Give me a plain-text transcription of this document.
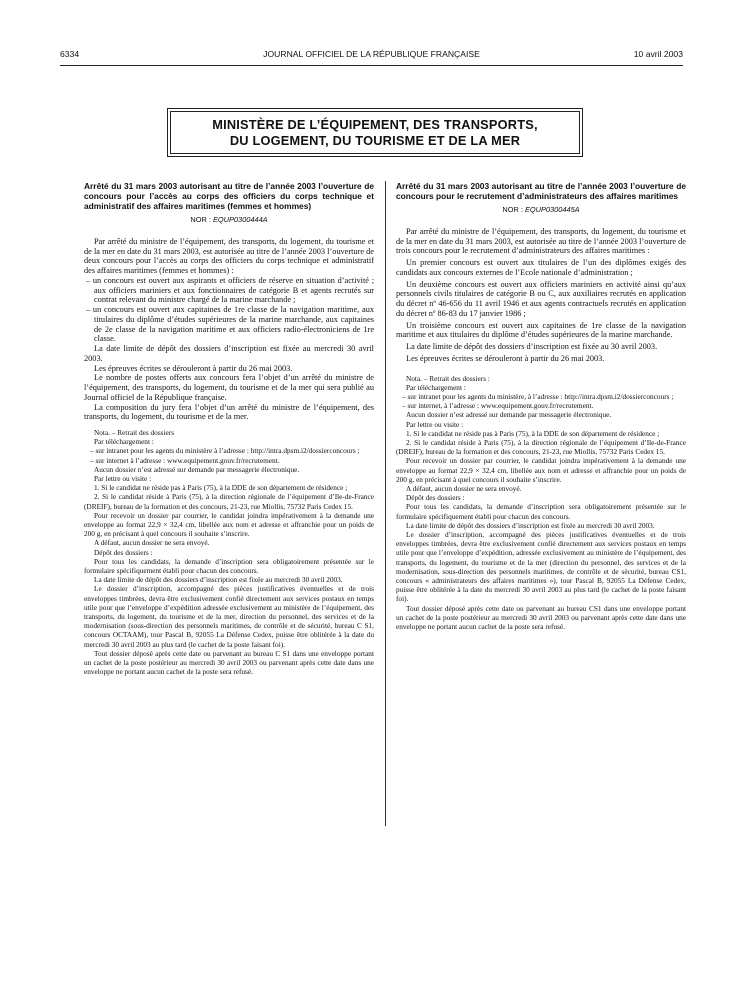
6334	JOURNAL OFFICIEL DE LA RÉPUBLIQUE FRANÇAISE	10 avril 2003
MINISTÈRE DE L’ÉQUIPEMENT, DES TRANSPORTS,
DU LOGEMENT, DU TOURISME ET DE LA MER

Arrêté du 31 mars 2003 autorisant au titre de l’année 2003 l’ouverture de concours pour l’accès au corps des officiers du corps technique et administratif des affaires maritimes (femmes et hommes)

NOR : EQUP0300444A

Par arrêté du ministre de l’équipement, des transports, du logement, du tourisme et de la mer en date du 31 mars 2003, est autorisée au titre de l’année 2003 l’ouverture de deux concours pour l’accès au corps des officiers du corps technique et administratif des affaires maritimes (femmes et hommes) :

– un concours est ouvert aux aspirants et officiers de réserve en situation d’activité ; aux officiers mariniers et aux fonctionnaires de catégorie B et agents recrutés sur contrat relevant du ministre chargé de la marine marchande ;

– un concours est ouvert aux capitaines de 1re classe de la navigation maritime, aux titulaires du diplôme d’études supérieures de la marine marchande, aux capitaines de 2e classe de la navigation maritime et aux officiers radio-électroniciens de 1re classe.

La date limite de dépôt des dossiers d’inscription est fixée au mercredi 30 avril 2003.

Les épreuves écrites se dérouleront à partir du 26 mai 2003.

Le nombre de postes offerts aux concours fera l’objet d’un arrêté du ministre de l’équipement, des transports, du logement, du tourisme et de la mer qui sera publié au Journal officiel de la République française.

La composition du jury fera l’objet d’un arrêté du ministre de l’équipement, des transports, du logement, du tourisme et de la mer.

Nota. – Retrait des dossiers

Par téléchargement :

– sur intranet pour les agents du ministère à l’adresse : http://intra.dpsm.i2/dossierconcours ;

– sur internet à l’adresse : www.equipement.gouv.fr/recrutement.

Aucun dossier n’est adressé sur demande par messagerie électronique.

Par lettre ou visite :

1. Si le candidat ne réside pas à Paris (75), à la DDE de son département de résidence ;

2. Si le candidat réside à Paris (75), à la direction régionale de l’équipement d’Ile-de-France (DREIF), bureau de la formation et des concours, 21-23, rue Miollis, 75732 Paris Cedex 15.

Pour recevoir un dossier par courrier, le candidat joindra impérativement à la demande une enveloppe au format 22,9 × 32,4 cm, libellée aux nom et adresse et affranchie pour un poids de 200 g, en précisant à quel concours il souhaite s’inscrire.

A défaut, aucun dossier ne sera envoyé.

Dépôt des dossiers :

Pour tous les candidats, la demande d’inscription sera obligatoirement présentée sur le formulaire spécifiquement établi pour chacun des concours.

La date limite de dépôt des dossiers d’inscription est fixée au mercredi 30 avril 2003.

Le dossier d’inscription, accompagné des pièces justificatives éventuelles et de trois enveloppes timbrées, devra être exclusivement confié directement aux services postaux en temps utile pour que l’enveloppe d’expédition adressée exclusivement au ministère de l’équipement, des transports, du logement, du tourisme et de la mer, direction du personnel, des services et de la modernisation (sous-direction des personnels maritimes, de contrôle et de sécurité, bureau C S1, concours OCTAAM), tour Pascal B, 92055 La Défense Cedex, puisse être oblitérée à la date du mercredi 30 avril 2003 au plus tard (le cachet de la poste faisant foi).

Tout dossier déposé après cette date ou parvenant au bureau C S1 dans une enveloppe portant un cachet de la poste postérieur au mercredi 30 avril 2003 ou parvenant après cette date dans une enveloppe ne portant aucun cachet de la poste sera refusé.

Arrêté du 31 mars 2003 autorisant au titre de l’année 2003 l’ouverture de concours pour le recrutement d’administrateurs des affaires maritimes

NOR : EQUP0300445A

Par arrêté du ministre de l’équipement, des transports, du logement, du tourisme et de la mer en date du 31 mars 2003, est autorisée au titre de l’année 2003 l’ouverture de trois concours pour le recrutement d’administrateurs des affaires maritimes :

Un premier concours est ouvert aux titulaires de l’un des diplômes exigés des candidats aux concours externes de l’Ecole nationale d’administration ;

Un deuxième concours est ouvert aux officiers mariniers en activité ainsi qu’aux personnels civils titulaires de catégorie B ou C, aux auxiliaires recrutés en application du décret nº 46-656 du 11 avril 1946 et aux agents contractuels recrutés en application du décret nº 86-83 du 17 janvier 1986 ;

Un troisième concours est ouvert aux capitaines de 1re classe de la navigation maritime et aux titulaires du diplôme d’études supérieures de la marine marchande.

La date limite de dépôt des dossiers d’inscription est fixée au 30 avril 2003.

Les épreuves écrites se dérouleront à partir du 26 mai 2003.

Nota. – Retrait des dossiers :

Par téléchargement :

– sur intranet pour les agents du ministère, à l’adresse : http://intra.dpsm.i2/dossierconcours ;

– sur internet, à l’adresse : www.equipement.gouv.fr/recrutement.

Aucun dossier n’est adressé sur demande par messagerie électronique.

Par lettre ou visite :

1. Si le candidat ne réside pas à Paris (75), à la DDE de son département de résidence ;

2. Si le candidat réside à Paris (75), à la direction régionale de l’équipement d’Ile-de-France (DREIF), bureau de la formation et des concours, 21-23, rue Miollis, 75732 Paris Cedex 15.

Pour recevoir un dossier par courrier, le candidat joindra impérativement à la demande une enveloppe au format 22,9 × 32,4 cm, libellée aux nom et adresse et affranchie pour un poids de 200 g, en précisant à quel concours il souhaite s’inscrire.

A défaut, aucun dossier ne sera envoyé.

Dépôt des dossiers :

Pour tous les candidats, la demande d’inscription sera obligatoirement présentée sur le formulaire spécifiquement établi pour chacun des concours.

La date limite de dépôt des dossiers d’inscription est fixée au mercredi 30 avril 2003.

Le dossier d’inscription, accompagné des pièces justificatives éventuelles et de trois enveloppes timbrées, devra être exclusivement confié directement aux services postaux en temps utile pour que l’enveloppe d’expédition, adressée exclusivement au ministère de l’équipement, des transports, du logement, du tourisme et de la mer (direction du personnel, des services et de la modernisation, sous-direction des personnels maritimes, de contrôle et de sécurité, bureau CS1, concours « administrateurs des affaires maritimes »), tour Pascal B, 92055 La Défense Cedex, puisse être oblitérée à la date du mercredi 30 avril 2003 au plus tard (le cachet de la poste faisant foi).

Tout dossier déposé après cette date ou parvenant au bureau CS1 dans une enveloppe portant un cachet de la poste postérieur au mercredi 30 avril 2003 ou parvenant après cette date dans une enveloppe ne portant aucun cachet de la poste sera refusé.
